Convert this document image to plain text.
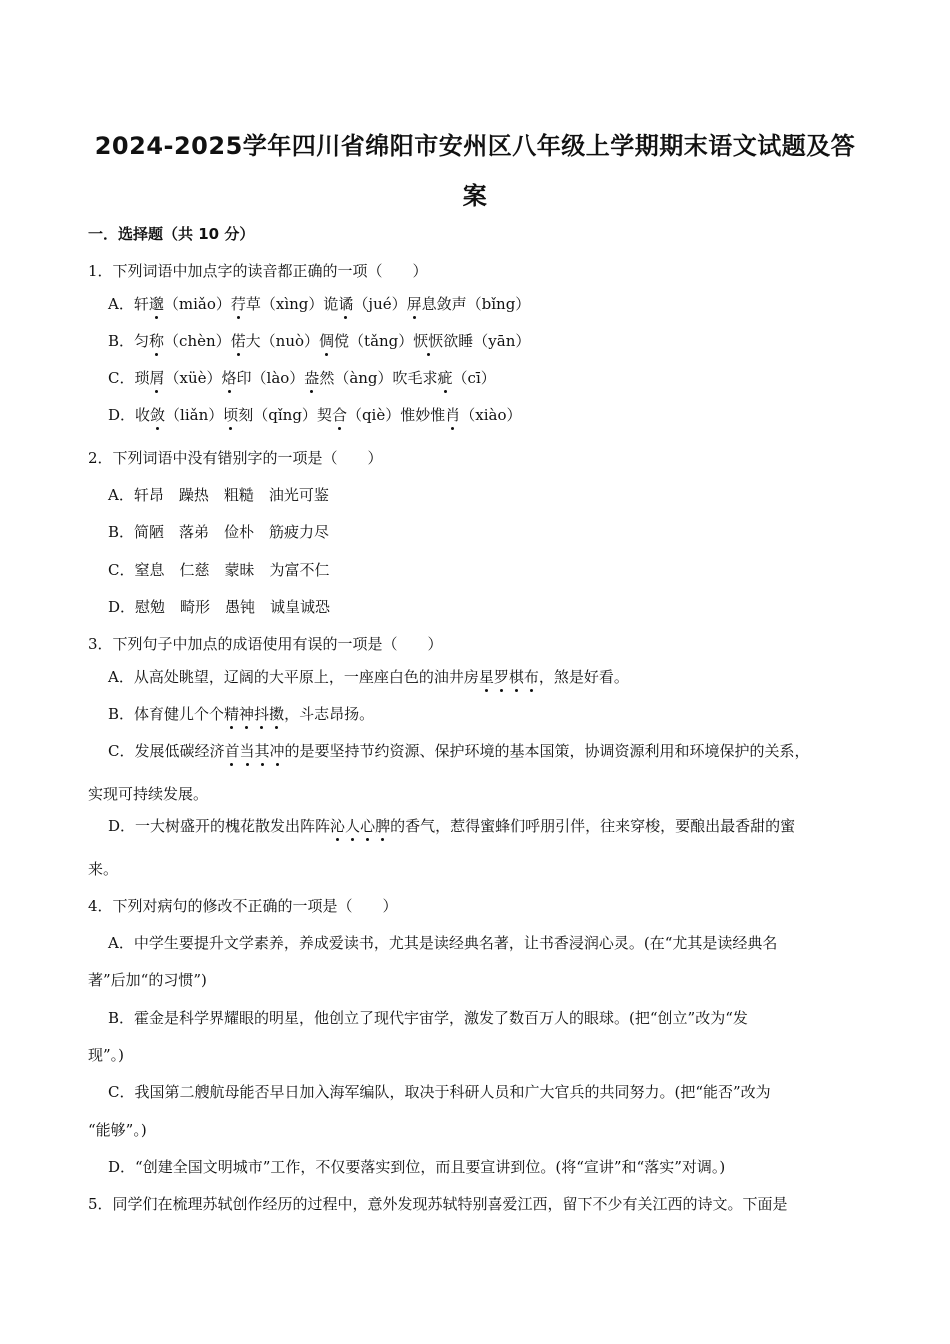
2024-2025学年四川省绵阳市安州区八年级上学期期末语文试题及答
案
一．选择题（共 10 分）
1．下列词语中加点字的读音都正确的一项（　　）
A．轩邈（miǎo）荇草（xìng）诡谲（jué）屏息敛声（bǐng）
B．匀称（chèn）偌大（nuò）倜傥（tǎng）恹恹欲睡（yān）
C．琐屑（xüè）烙印（lào）盎然（àng）吹毛求疵（cī）
D．收敛（liǎn）顷刻（qǐng）契合（qiè）惟妙惟肖（xiào）
2．下列词语中没有错别字的一项是（　　）
A．轩昂　躁热　粗糙　油光可鉴
B．简陋　落弟　俭朴　筋疲力尽
C．窒息　仁慈　蒙昧　为富不仁
D．慰勉　畸形　愚钝　诚皇诚恐
3．下列句子中加点的成语使用有误的一项是（　　）
A．从高处眺望，辽阔的大平原上，一座座白色的油井房星罗棋布，煞是好看。
B．体育健儿个个精神抖擞，斗志昂扬。
C．发展低碳经济首当其冲的是要坚持节约资源、保护环境的基本国策，协调资源利用和环境保护的关系，
实现可持续发展。
D．一大树盛开的槐花散发出阵阵沁人心脾的香气，惹得蜜蜂们呼朋引伴，往来穿梭，要酿出最香甜的蜜
来。
4．下列对病句的修改不正确的一项是（　　）
A．中学生要提升文学素养，养成爱读书，尤其是读经典名著，让书香浸润心灵。(在“尤其是读经典名
著”后加“的习惯”)
B．霍金是科学界耀眼的明星，他创立了现代宇宙学，激发了数百万人的眼球。(把“创立”改为“发
现”。)
C．我国第二艘航母能否早日加入海军编队，取决于科研人员和广大官兵的共同努力。(把“能否”改为
“能够”。)
D．“创建全国文明城市”工作，不仅要落实到位，而且要宣讲到位。(将“宣讲”和“落实”对调。)
5．同学们在梳理苏轼创作经历的过程中，意外发现苏轼特别喜爱江西，留下不少有关江西的诗文。下面是
